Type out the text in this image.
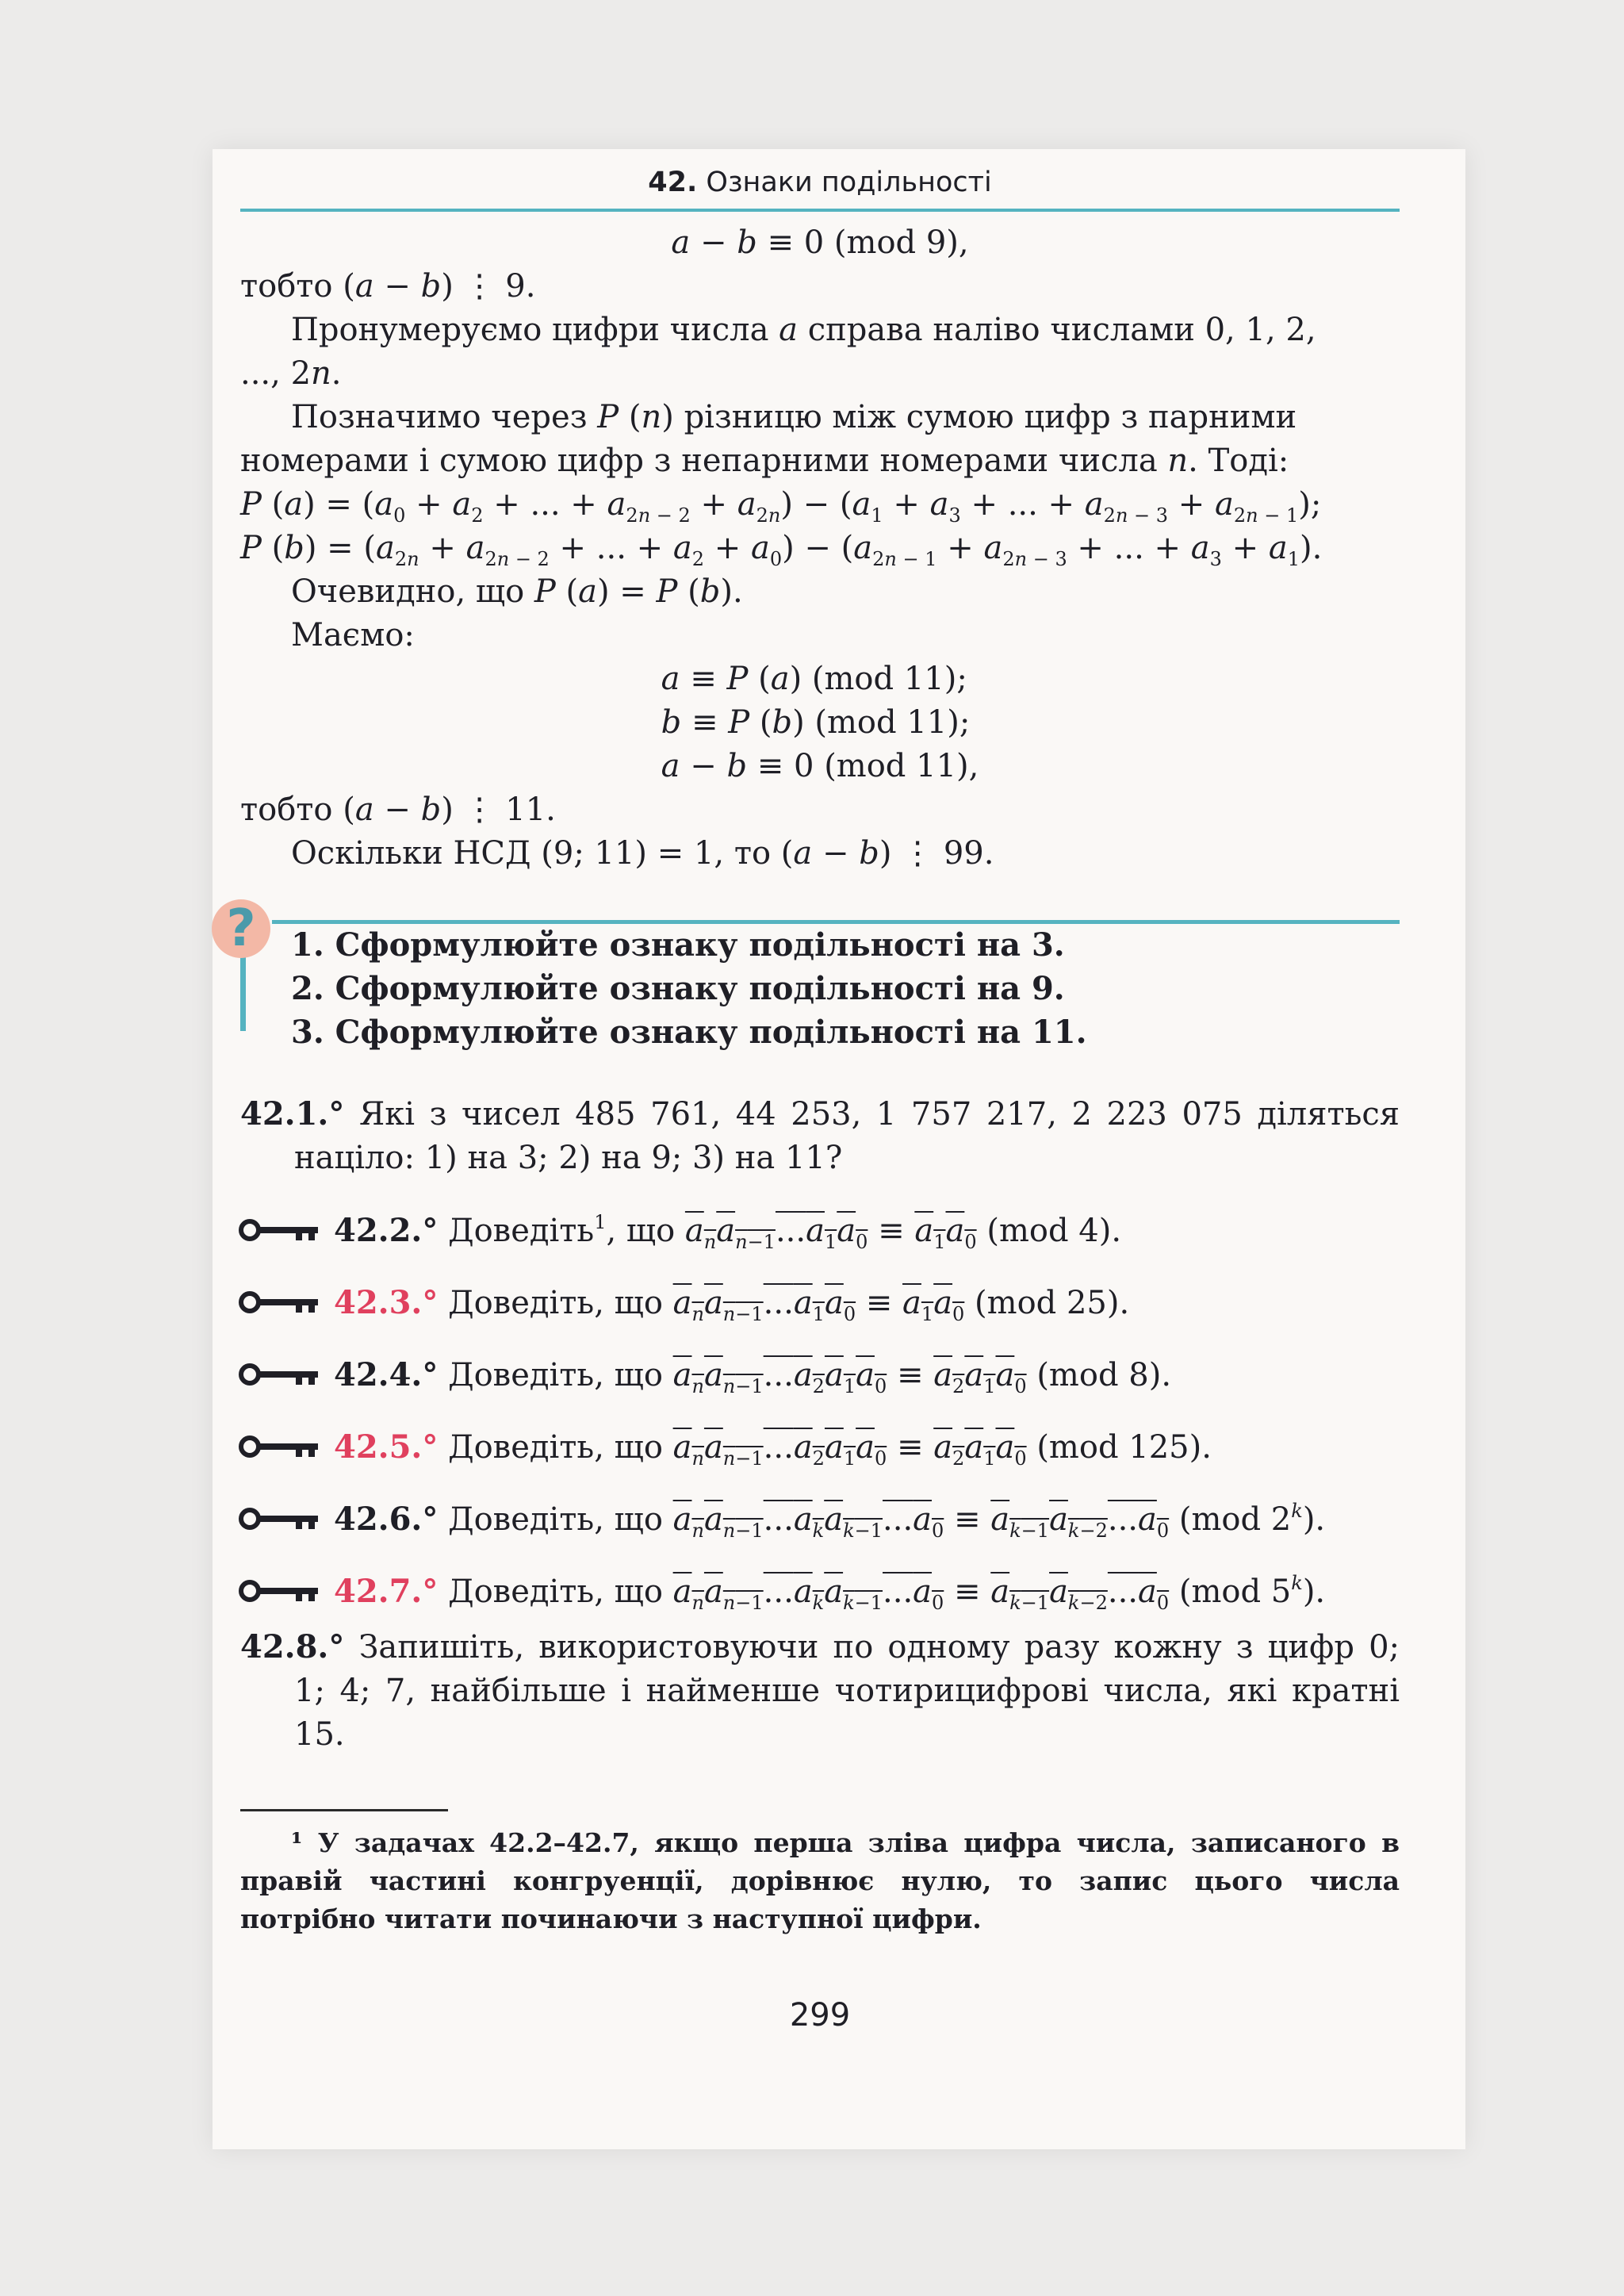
42. Ознаки подільності
a − b ≡ 0 (mod 9),
тобто (a − b) ⋮ 9.
Пронумеруємо цифри числа a справа наліво числами 0, 1, 2,
..., 2n.
Позначимо через P (n) різницю між сумою цифр з парними
номерами і сумою цифр з непарними номерами числа n. Тоді:
P $(a) = (a_0 + a_2$ + ... + $a_{2n - 2} + a_{2n}) - (a_1 + a_3$ + ... + $a_{2n - 3} + a_{2n - 1}$);
P $(b) = (a_{2n} + a_{2n - 2}$ + ... + $a_2 + a_0) - (a_{2n - 1} + a_{2n - 3}$ + ... + $a_3 + a_1$).
Очевидно, що P (a) = P (b).
Маємо:
a ≡ P (a) (mod 11);
b ≡ P (b) (mod 11);
a − b ≡ 0 (mod 11),
тобто (a − b) ⋮ 11.
Оскільки НСД (9; 11) = 1, то (a − b) ⋮ 99.
?	1. Сформулюйте ознаку подільності на 3.
2. Сформулюйте ознаку подільності на 9.
3. Сформулюйте ознаку подільності на 11.
42.1.° Які з чисел 485 761, 44 253, 1 757 217, 2 223 075 діляться націло: 1) на 3; 2) на 9; 3) на 11?
42.2.° Доведіть$^1$, що $a_na_{n-1}...a_1a_0 \equiv a_1a_0$ (mod 4).
42.3.° Доведіть, що $a_na_{n-1}...a_1a_0 \equiv a_1a_0$ (mod 25).
42.4.° Доведіть, що $a_na_{n-1}...a_2a_1a_0 \equiv a_2a_1a_0$ (mod 8).
42.5.° Доведіть, що $a_na_{n-1}...a_2a_1a_0 \equiv a_2a_1a_0$ (mod 125).
42.6.° Доведіть, що $a_na_{n-1}...a_ka_{k-1}...a_0 \equiv a_{k-1}a_{k-2}...a_0$ (mod 2$^k$).
42.7.° Доведіть, що $a_na_{n-1}...a_ka_{k-1}...a_0 \equiv a_{k-1}a_{k-2}...a_0$ (mod 5$^k$).
42.8.° Запишіть, використовуючи по одному разу кожну з цифр 0; 1; 4; 7, найбільше і найменше чотирицифрові числа, які кратні 15.
¹ У задачах 42.2–42.7, якщо перша зліва цифра числа, записаного в правій частині конгруенції, дорівнює нулю, то запис цього числа потрібно читати починаючи з наступної цифри.
299
